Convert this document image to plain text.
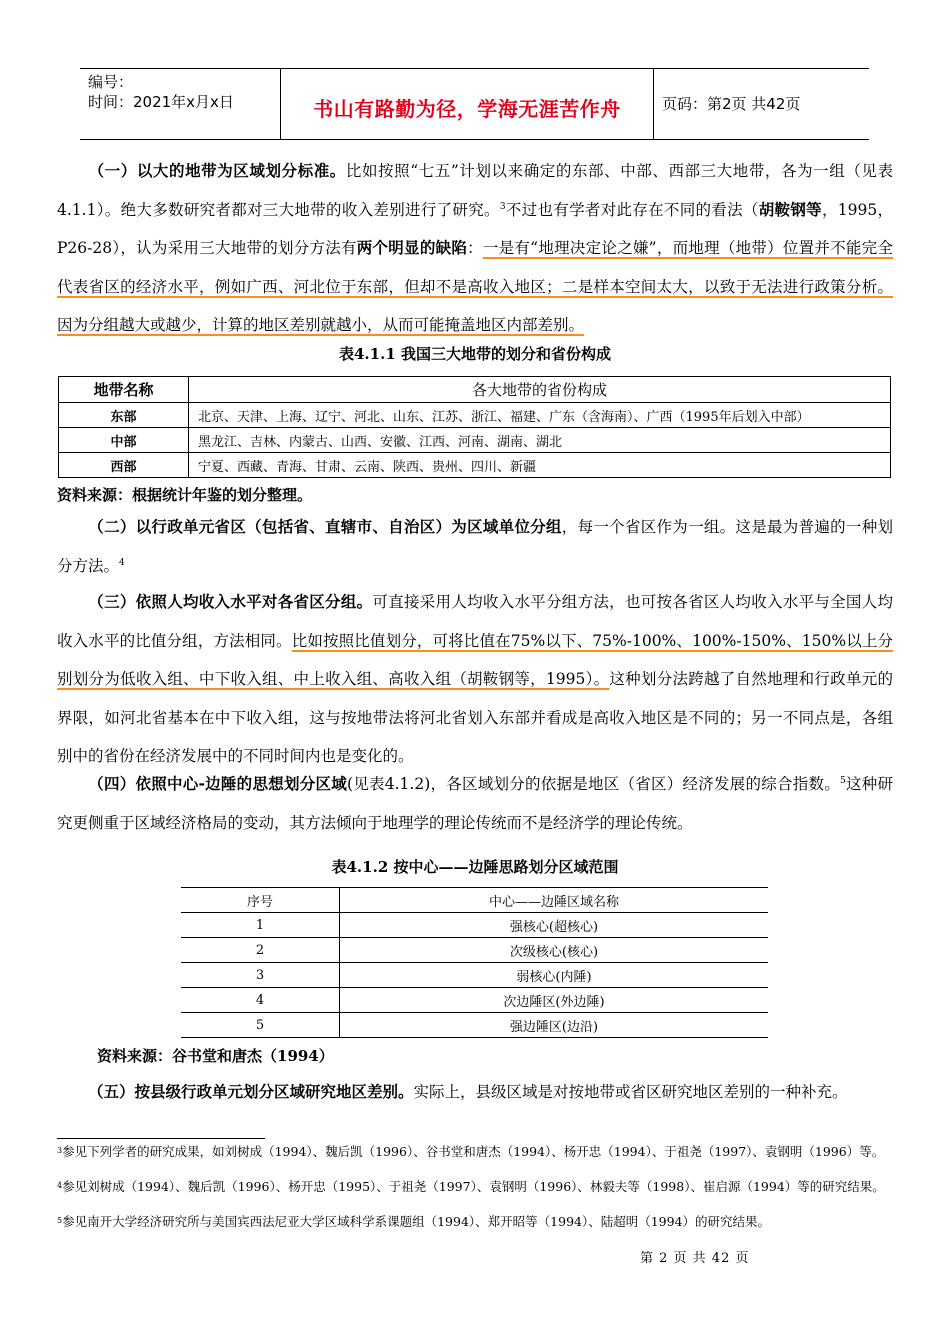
编号：
时间：2021年x月x日	书山有路勤为径，学海无涯苦作舟	页码：第2页 共42页
（一）以大的地带为区域划分标准。比如按照“七五”计划以来确定的东部、中部、西部三大地带，各为一组（见表4.1.1）。绝大多数研究者都对三大地带的收入差别进行了研究。$^3$不过也有学者对此存在不同的看法（胡鞍钢等，1995，P26-28），认为采用三大地带的划分方法有两个明显的缺陷：一是有“地理决定论之嫌”，而地理（地带）位置并不能完全代表省区的经济水平，例如广西、河北位于东部，但却不是高收入地区；二是样本空间太大，以致于无法进行政策分析。因为分组越大或越少，计算的地区差别就越小，从而可能掩盖地区内部差别。
表4.1.1 我国三大地带的划分和省份构成
地带名称	各大地带的省份构成
东部	北京、天津、上海、辽宁、河北、山东、江苏、浙江、福建、广东（含海南）、广西（1995年后划入中部）
中部	黑龙江、吉林、内蒙古、山西、安徽、江西、河南、湖南、湖北
西部	宁夏、西藏、青海、甘肃、云南、陕西、贵州、四川、新疆
资料来源：根据统计年鉴的划分整理。
（二）以行政单元省区（包括省、直辖市、自治区）为区域单位分组，每一个省区作为一组。这是最为普遍的一种划分方法。$^4$
（三）依照人均收入水平对各省区分组。可直接采用人均收入水平分组方法，也可按各省区人均收入水平与全国人均收入水平的比值分组，方法相同。比如按照比值划分，可将比值在75%以下、75%-100%、100%-150%、150%以上分别划分为低收入组、中下收入组、中上收入组、高收入组（胡鞍钢等，1995）。这种划分法跨越了自然地理和行政单元的界限，如河北省基本在中下收入组，这与按地带法将河北省划入东部并看成是高收入地区是不同的；另一不同点是，各组别中的省份在经济发展中的不同时间内也是变化的。
（四）依照中心-边陲的思想划分区域(见表4.1.2)，各区域划分的依据是地区（省区）经济发展的综合指数。$^5$这种研究更侧重于区域经济格局的变动，其方法倾向于地理学的理论传统而不是经济学的理论传统。
表4.1.2 按中心——边陲思路划分区域范围
序号	中心——边陲区域名称
1	强核心(超核心)
2	次级核心(核心)
3	弱核心(内陲)
4	次边陲区(外边陲)
5	强边陲区(边沿)
资料来源：谷书堂和唐杰（1994）
（五）按县级行政单元划分区域研究地区差别。实际上，县级区域是对按地带或省区研究地区差别的一种补充。
$^3$参见下列学者的研究成果，如刘树成（1994）、魏后凯（1996）、谷书堂和唐杰（1994）、杨开忠（1994）、于祖尧（1997）、袁钢明（1996）等。
$^4$参见刘树成（1994）、魏后凯（1996）、杨开忠（1995）、于祖尧（1997）、袁钢明（1996）、林毅夫等（1998）、崔启源（1994）等的研究结果。
$^5$参见南开大学经济研究所与美国宾西法尼亚大学区域科学系课题组（1994）、郑开昭等（1994）、陆超明（1994）的研究结果。
第 2 页 共 42 页
